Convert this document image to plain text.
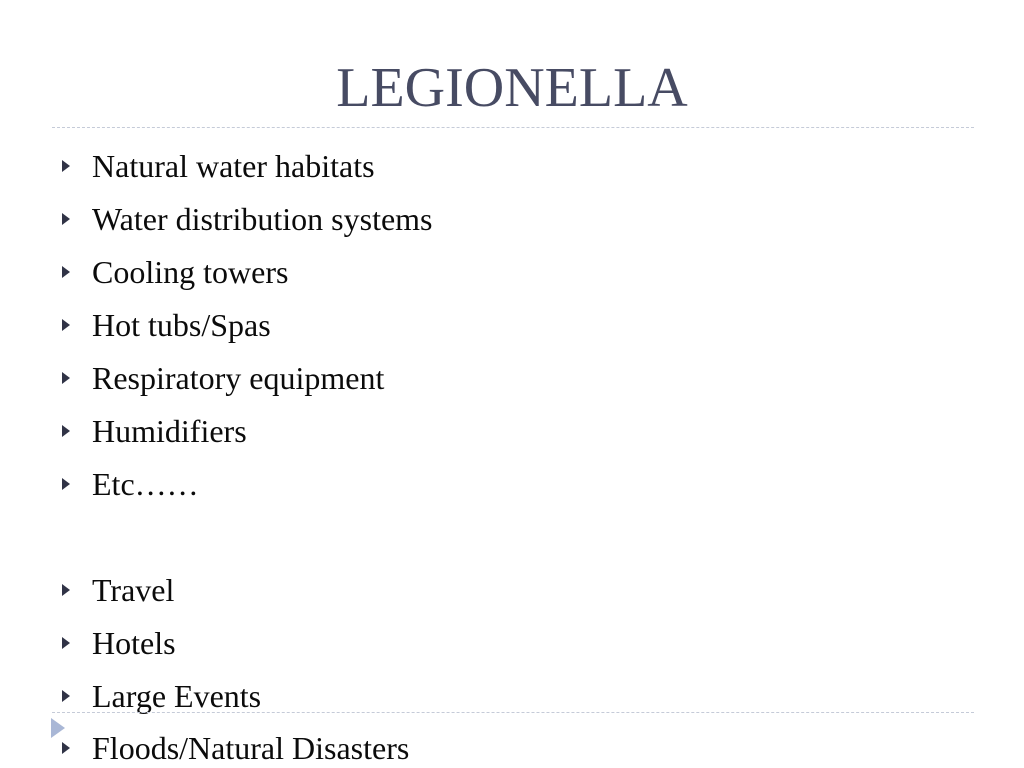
LEGIONELLA
Natural water habitats
Water distribution systems
Cooling towers
Hot tubs/Spas
Respiratory equipment
Humidifiers
Etc……
Travel
Hotels
Large Events
Floods/Natural Disasters
